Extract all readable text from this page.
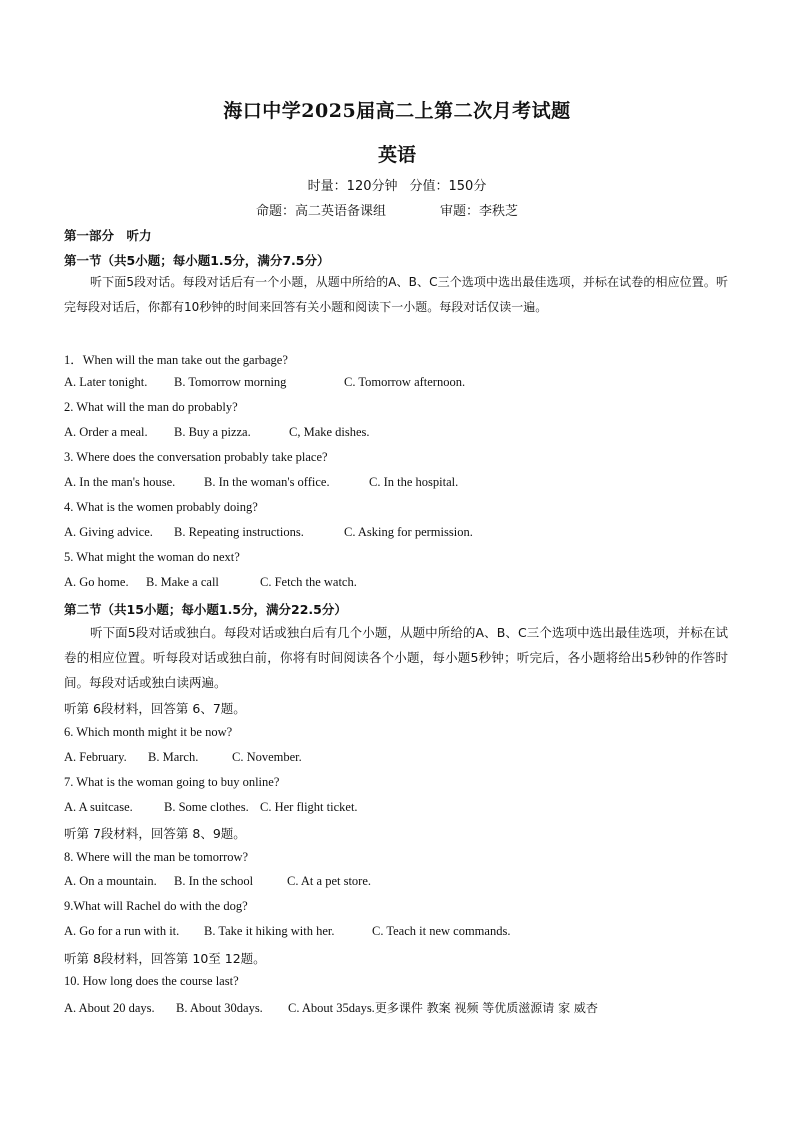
海口中学2025届高二上第二次月考试题
英语
时量：120分钟 分值：150分
命题：高二英语备课组	审题：李秩芝
第一部分　听力
第一节（共5小题；每小题1.5分，满分7.5分）
听下面5段对话。每段对话后有一个小题，从题中所给的A、B、C三个选项中选出最佳选项，并标在试卷的相应位置。听完每段对话后，你都有10秒钟的时间来回答有关小题和阅读下一小题。每段对话仅读一遍。
1．When will the man take out the garbage?
A. Later tonight. B. Tomorrow morning	C. Tomorrow afternoon.
2. What will the man do probably?
A. Order a meal. B. Buy a pizza.	C, Make dishes.
3. Where does the conversation probably take place?
A. In the man's house. B. In the woman's office.	C. In the hospital.
4. What is the women probably doing?
A. Giving advice. B. Repeating instructions.	C. Asking for permission.
5. What might the woman do next?
A. Go home. B. Make a call	C. Fetch the watch.
第二节（共15小题；每小题1.5分，满分22.5分）
听下面5段对话或独白。每段对话或独白后有几个小题，从题中所给的A、B、C三个选项中选出最佳选项，并标在试卷的相应位置。听每段对话或独白前，你将有时间阅读各个小题，每小题5秒钟；听完后，各小题将给出5秒钟的作答时间。每段对话或独白读两遍。
听第 6段材料，回答第 6、7题。
6. Which month might it be now?
A. February. B. March.	C. November.
7. What is the woman going to buy online?
A. A suitcase.	B. Some clothes. C. Her flight ticket.
听第 7段材料，回答第 8、9题。
8. Where will the man be tomorrow?
A. On a mountain. B. In the school	C. At a pet store.
9.What will Rachel do with the dog?
A. Go for a run with it. B. Take it hiking with her.	C. Teach it new commands.
听第 8段材料，回答第 10至 12题。
10. How long does the course last?
A. About 20 days. B. About 30days. C. About 35days.更多课件 教案 视频 等优质滋源请 家 威杏
